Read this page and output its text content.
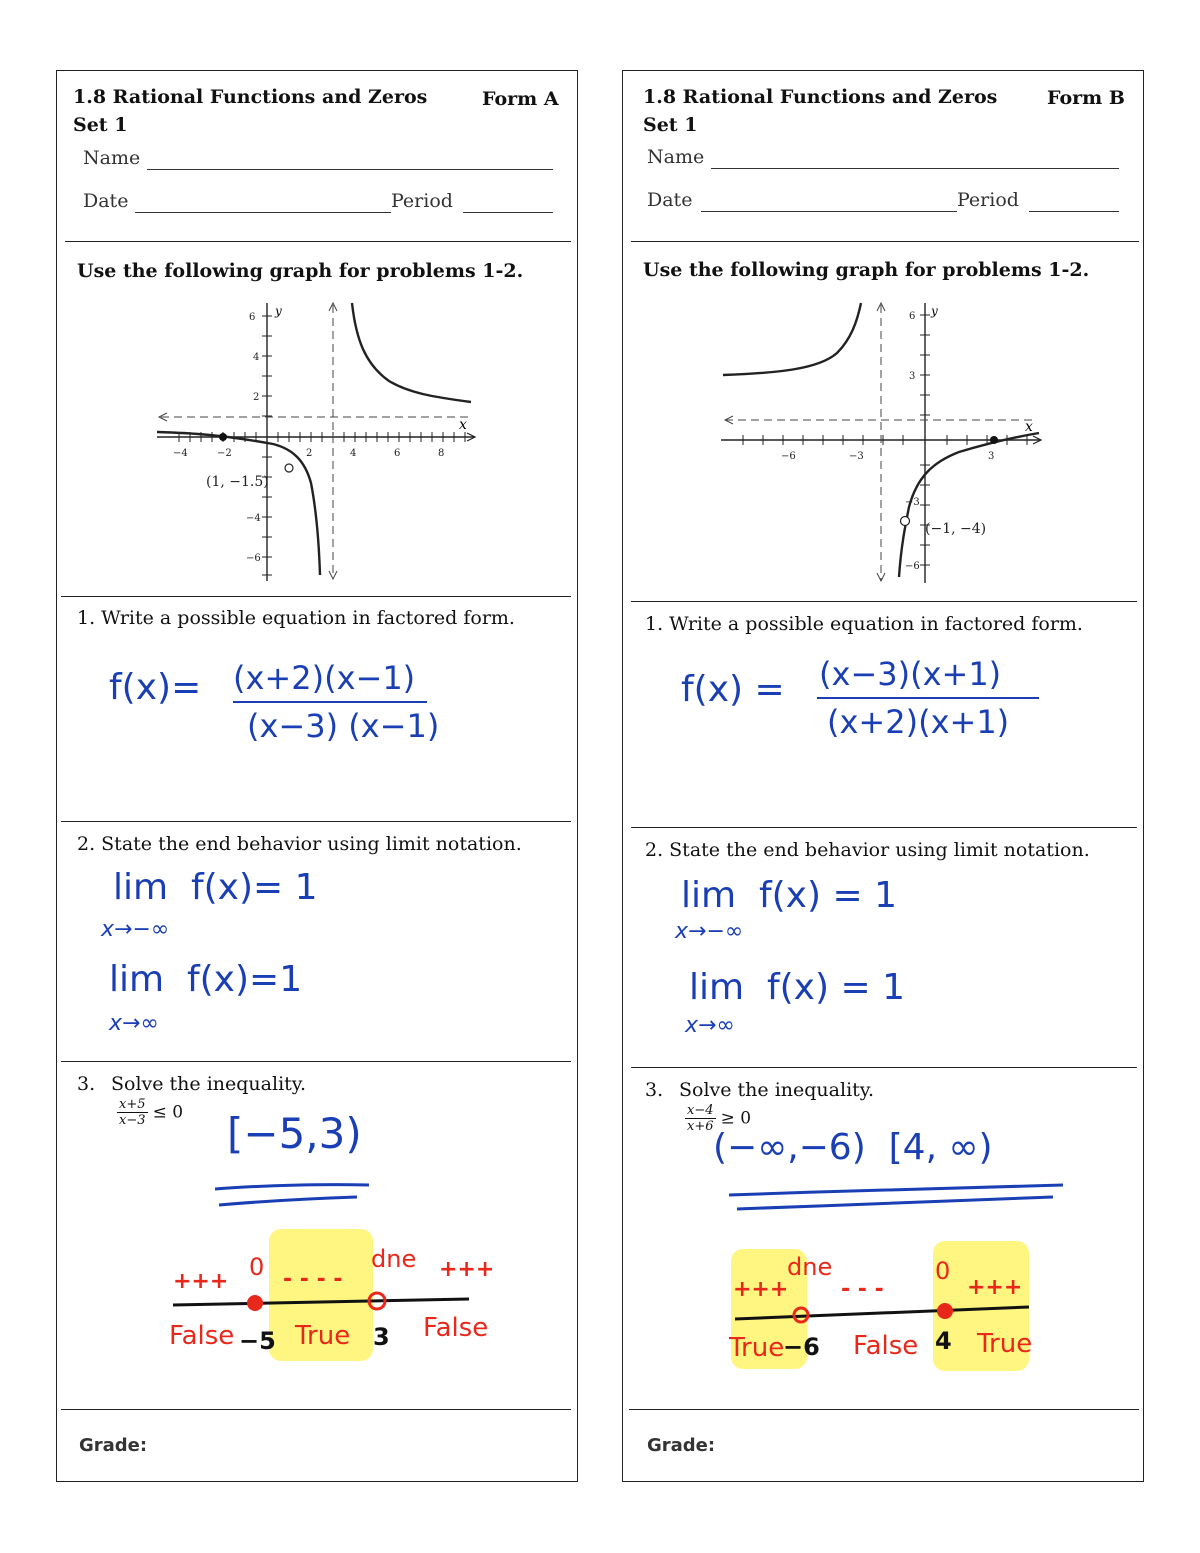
1.8 Rational Functions and Zeros
Set 1
Form A
Name
Date	Period
Use the following graph for problems 1-2.
y
x
−4	−2	2	4	6	8
6
4
2
−4
−6
(1, −1.5)
1. Write a possible equation in factored form.
f(x)= (x+2)(x−1)
(x−3) (x−1)
2. State the end behavior using limit notation.
lim  f(x)= 1
x→−∞
lim  f(x)=1
x→∞
3. Solve the inequality.
$\frac{x+5}{x-3} \le 0$ [−5,3)
+++
0 - - - -
dne +++
False −5 True 3 False
Grade:
1.8 Rational Functions and Zeros
Set 1
Form B
Name
Date	Period
Use the following graph for problems 1-2.
y
x
−6	−3	3
6
3
−3
−6
(−1, −4)
1. Write a possible equation in factored form.
f(x) = (x−3)(x+1)
(x+2)(x+1)
2. State the end behavior using limit notation.
lim  f(x) = 1
x→−∞
lim  f(x) = 1
x→∞
3. Solve the inequality.
$\frac{x-4}{x+6} \ge 0$
(−∞,−6)  [4, ∞)
+++
dne
- - -
0
+++
True
−6 False 4 True
Grade:
